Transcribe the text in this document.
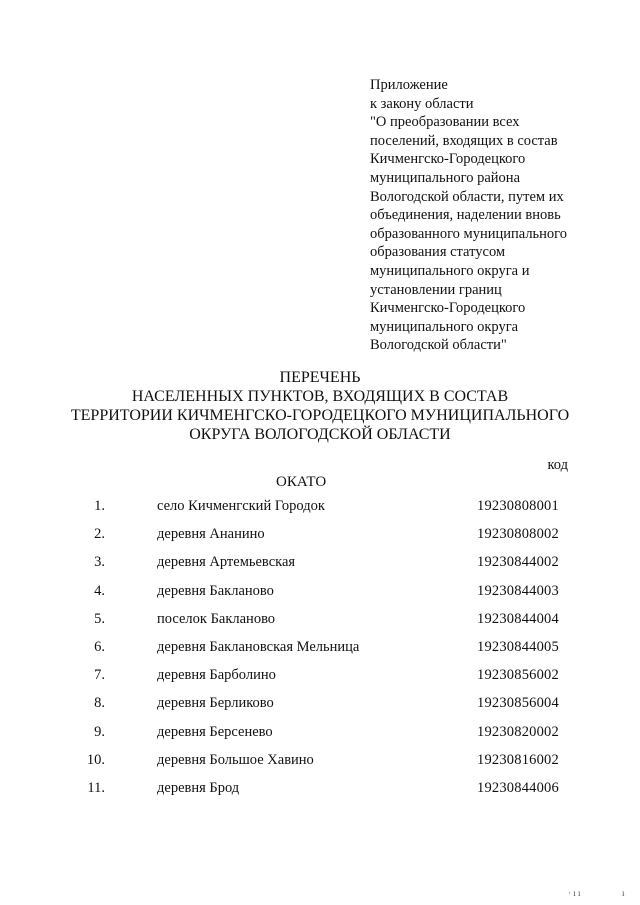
Приложение
к закону области
"О преобразовании всех
поселений, входящих в состав
Кичменгско-Городецкого
муниципального района
Вологодской области, путем их
объединения, наделении вновь
образованного муниципального
образования статусом
муниципального округа и
установлении границ
Кичменгско-Городецкого
муниципального округа
Вологодской области"
ПЕРЕЧЕНЬ
НАСЕЛЕННЫХ ПУНКТОВ, ВХОДЯЩИХ В СОСТАВ
ТЕРРИТОРИИ КИЧМЕНГСКО-ГОРОДЕЦКОГО МУНИЦИПАЛЬНОГО
ОКРУГА ВОЛОГОДСКОЙ ОБЛАСТИ
код
ОКАТО
1.	село Кичменгский Городок	19230808001
2.	деревня Ананино	19230808002
3.	деревня Артемьевская	19230844002
4.	деревня Бакланово	19230844003
5.	поселок Бакланово	19230844004
6.	деревня Баклановская Мельница	19230844005
7.	деревня Барболино	19230856002
8.	деревня Берликово	19230856004
9.	деревня Берсенево	19230820002
10.	деревня Большое Хавино	19230816002
11.	деревня Брод	19230844006
· ı ı	ı
